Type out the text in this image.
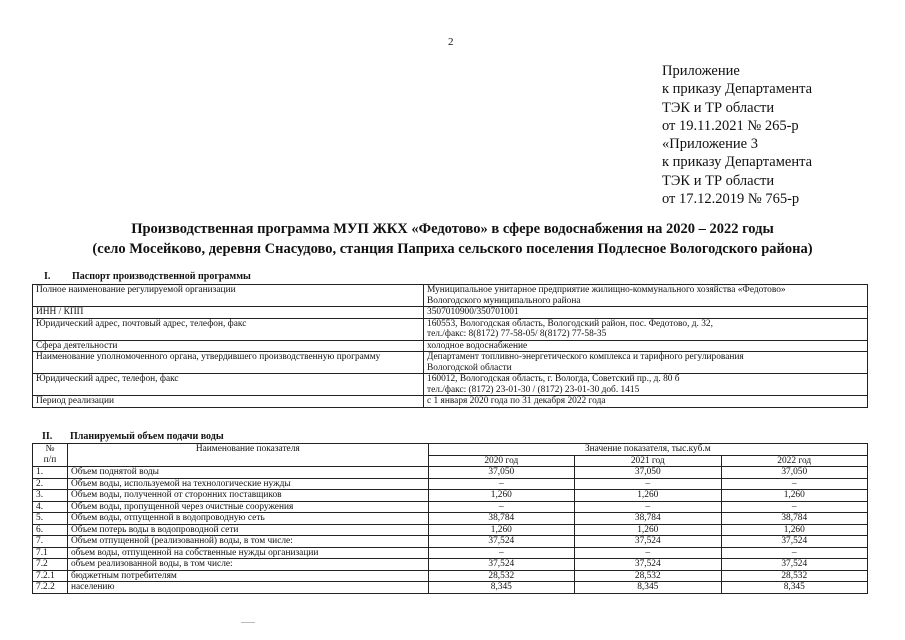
2
Приложение
к приказу Департамента
ТЭК и ТР области
от 19.11.2021 № 265-р
«Приложение 3
к приказу Департамента
ТЭК и ТР области
от 17.12.2019 № 765-р
Производственная программа МУП ЖКХ «Федотово» в сфере водоснабжения на 2020 – 2022 годы
(село Мосейково, деревня Снасудово, станция Паприха сельского поселения Подлесное Вологодского района)
I. Паспорт производственной программы
Полное наименование регулируемой организации	Муниципальное унитарное предприятие жилищно-коммунального хозяйства «Федотово»
Вологодского муниципального района

ИНН / КПП	3507010900/350701001

Юридический адрес, почтовый адрес, телефон, факс	160553, Вологодская область, Вологодский район, пос. Федотово, д. 32,
тел./факс: 8(8172) 77-58-05/ 8(8172) 77-58-35

Сфера деятельности	холодное водоснабжение

Наименование уполномоченного органа, утвердившего производственную программу	Департамент топливно-энергетического комплекса и тарифного регулирования
Вологодской области

Юридический адрес, телефон, факс	160012, Вологодская область, г. Вологда, Советский пр., д. 80 б
тел./факс: (8172) 23-01-30 / (8172) 23-01-30 доб. 1415

Период реализации	с 1 января 2020 года по 31 декабря 2022 года
II. Планируемый объем подачи воды
№
п/п	Наименование показателя	Значение показателя, тыс.куб.м		
		2020 год	2021 год	2022 год
1.	Объем поднятой воды	37,050	37,050	37,050
2.	Объем воды, используемой на технологические нужды	–	–	–
3.	Объем воды, полученной от сторонних поставщиков	1,260	1,260	1,260
4.	Объем воды, пропущенной через очистные сооружения	–	–	–
5.	Объем воды, отпущенной в водопроводную сеть	38,784	38,784	38,784
6.	Объем потерь воды в водопроводной сети	1,260	1,260	1,260
7.	Объем отпущенной (реализованной) воды, в том числе:	37,524	37,524	37,524
7.1	объем воды, отпущенной на собственные нужды организации	–	–	–
7.2	объем реализованной воды, в том числе:	37,524	37,524	37,524
7.2.1	бюджетным потребителям	28,532	28,532	28,532
7.2.2	населению	8,345	8,345	8,345
